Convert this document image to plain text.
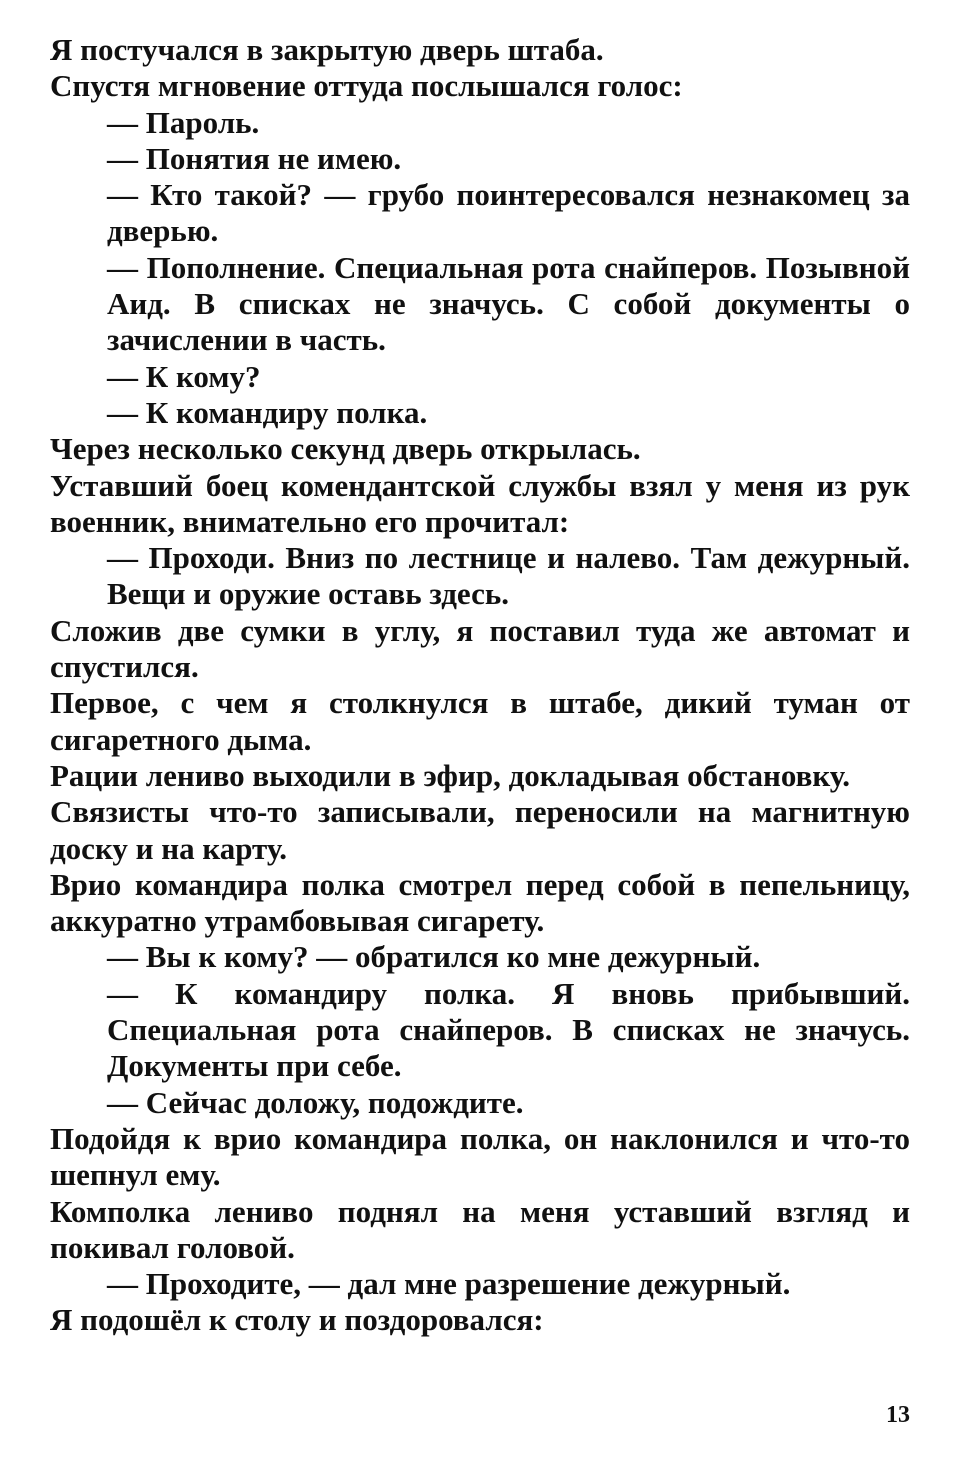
Я постучался в закрытую дверь штаба.

Спустя мгновение оттуда послышался голос:

— Пароль.

— Понятия не имею.

— Кто такой? — грубо поинтересовался незнакомец за дверью.

— Пополнение. Специальная рота снайперов. Позывной Аид. В списках не значусь. С собой документы о зачислении в часть.

— К кому?

— К командиру полка.

Через несколько секунд дверь открылась.

Уставший боец комендантской службы взял у меня из рук военник, внимательно его прочитал:

— Проходи. Вниз по лестнице и налево. Там дежурный. Вещи и оружие оставь здесь.

Сложив две сумки в углу, я поставил туда же автомат и спустился.

Первое, с чем я столкнулся в штабе, дикий туман от сигаретного дыма.

Рации лениво выходили в эфир, докладывая обстановку.

Связисты что-то записывали, переносили на магнитную доску и на карту.

Врио командира полка смотрел перед собой в пепельницу, аккуратно утрамбовывая сигарету.

— Вы к кому? — обратился ко мне дежурный.

— К командиру полка. Я вновь прибывший. Специальная рота снайперов. В списках не значусь. Документы при себе.

— Сейчас доложу, подождите.

Подойдя к врио командира полка, он наклонился и что-то шепнул ему.

Комполка лениво поднял на меня уставший взгляд и покивал головой.

— Проходите, — дал мне разрешение дежурный.

Я подошёл к столу и поздоровался:

13
